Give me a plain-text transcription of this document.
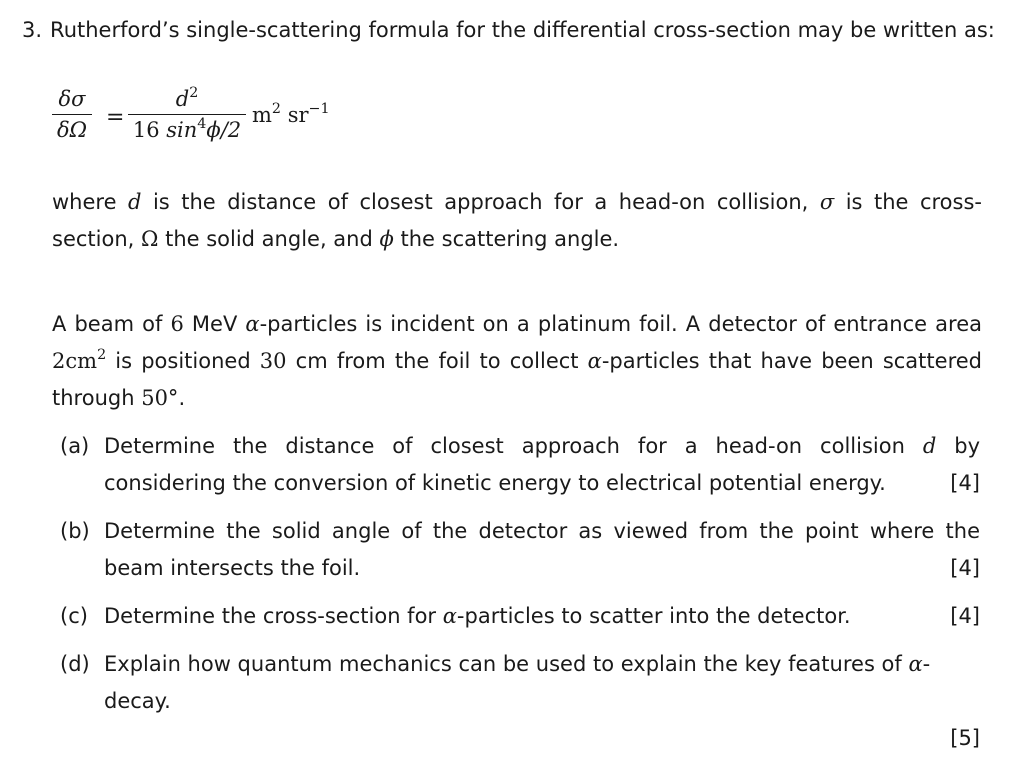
3. Rutherford’s single-scattering formula for the differential cross-section may be written as:
δσ
δΩ =
$d^2$
16 $\sin^4\phi/2$
$m^2$ $sr^{-1}$
where d is the distance of closest approach for a head-on collision, σ is the cross-section, Ω the solid angle, and ϕ the scattering angle.
A beam of 6 MeV α-particles is incident on a platinum foil. A detector of entrance area $2cm^2$ is positioned 30 cm from the foil to collect α-particles that have been scattered through 50°.
(a) Determine the distance of closest approach for a head-on collision d by considering the conversion of kinetic energy to electrical potential energy.	[4]
(b) Determine the solid angle of the detector as viewed from the point where the beam intersects the foil.	[4]
(c) Determine the cross-section for α-particles to scatter into the detector.	[4]
(d) Explain how quantum mechanics can be used to explain the key features of α-decay.
[5]
